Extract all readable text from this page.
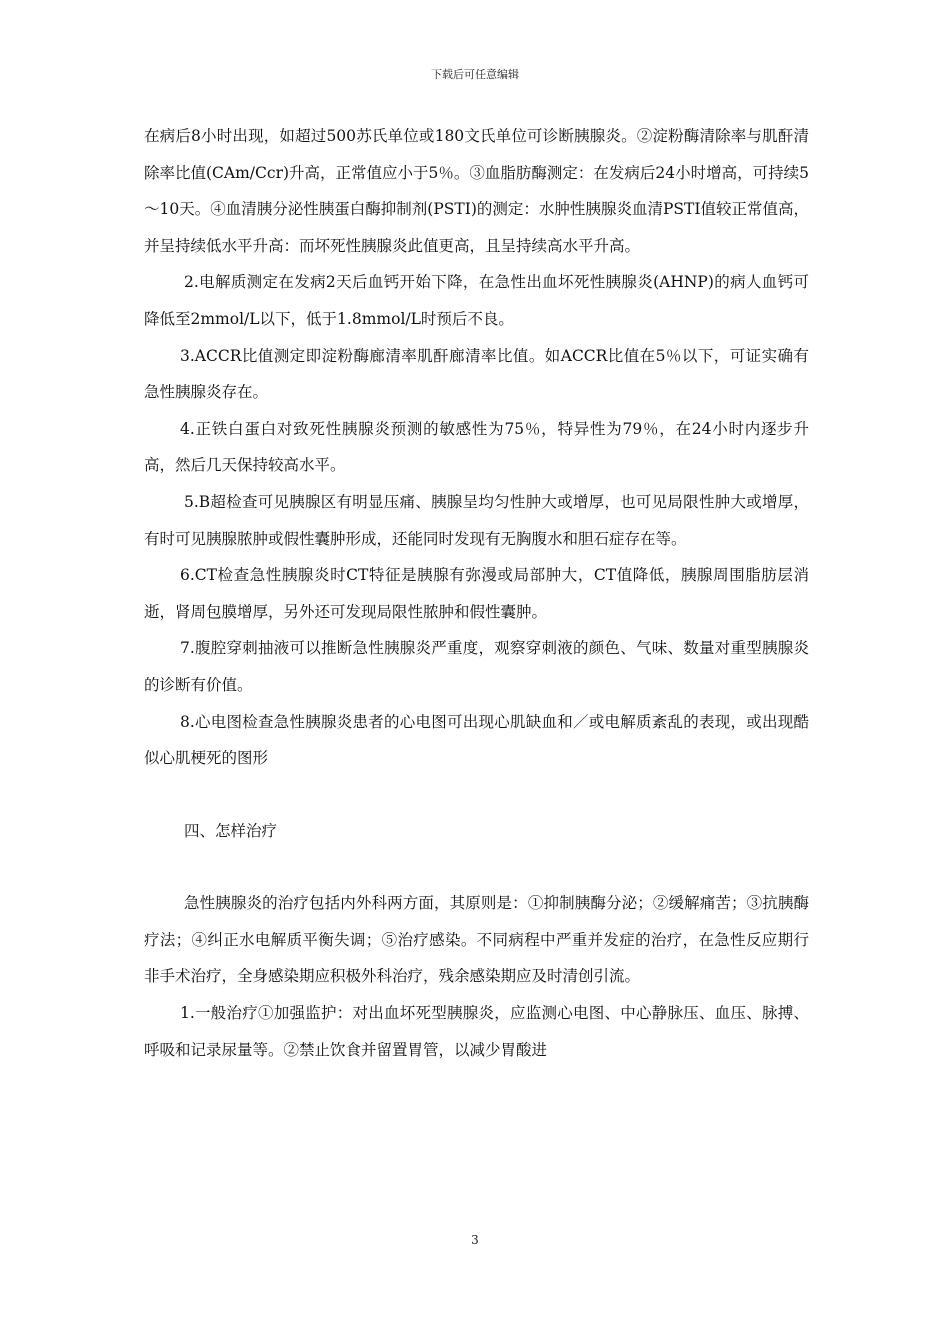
下载后可任意编辑

在病后8小时出现，如超过500苏氏单位或180文氏单位可诊断胰腺炎。②淀粉酶清除率与肌酐清除率比值(CAm/Ccr)升高，正常值应小于5％。③血脂肪酶测定：在发病后24小时增高，可持续5～10天。④血清胰分泌性胰蛋白酶抑制剂(PSTI)的测定：水肿性胰腺炎血清PSTI值较正常值高，并呈持续低水平升高：而坏死性胰腺炎此值更高，且呈持续高水平升高。

2.电解质测定在发病2天后血钙开始下降，在急性出血坏死性胰腺炎(AHNP)的病人血钙可降低至2mmol/L以下，低于1.8mmol/L时预后不良。

3.ACCR比值测定即淀粉酶廊清率肌酐廊清率比值。如ACCR比值在5％以下，可证实确有急性胰腺炎存在。

4.正铁白蛋白对致死性胰腺炎预测的敏感性为75％，特异性为79％，在24小时内逐步升高，然后几天保持较高水平。

5.B超检查可见胰腺区有明显压痛、胰腺呈均匀性肿大或增厚，也可见局限性肿大或增厚，有时可见胰腺脓肿或假性囊肿形成，还能同时发现有无胸腹水和胆石症存在等。

6.CT检查急性胰腺炎时CT特征是胰腺有弥漫或局部肿大，CT值降低，胰腺周围脂肪层消逝，肾周包膜增厚，另外还可发现局限性脓肿和假性囊肿。

7.腹腔穿刺抽液可以推断急性胰腺炎严重度，观察穿刺液的颜色、气味、数量对重型胰腺炎的诊断有价值。

8.心电图检查急性胰腺炎患者的心电图可出现心肌缺血和／或电解质紊乱的表现，或出现酷似心肌梗死的图形

四、怎样治疗

急性胰腺炎的治疗包括内外科两方面，其原则是：①抑制胰酶分泌；②缓解痛苦；③抗胰酶疗法；④纠正水电解质平衡失调；⑤治疗感染。不同病程中严重并发症的治疗，在急性反应期行非手术治疗，全身感染期应积极外科治疗，残余感染期应及时清创引流。

1.一般治疗①加强监护：对出血坏死型胰腺炎，应监测心电图、中心静脉压、血压、脉搏、呼吸和记录尿量等。②禁止饮食并留置胃管，以减少胃酸进

3
